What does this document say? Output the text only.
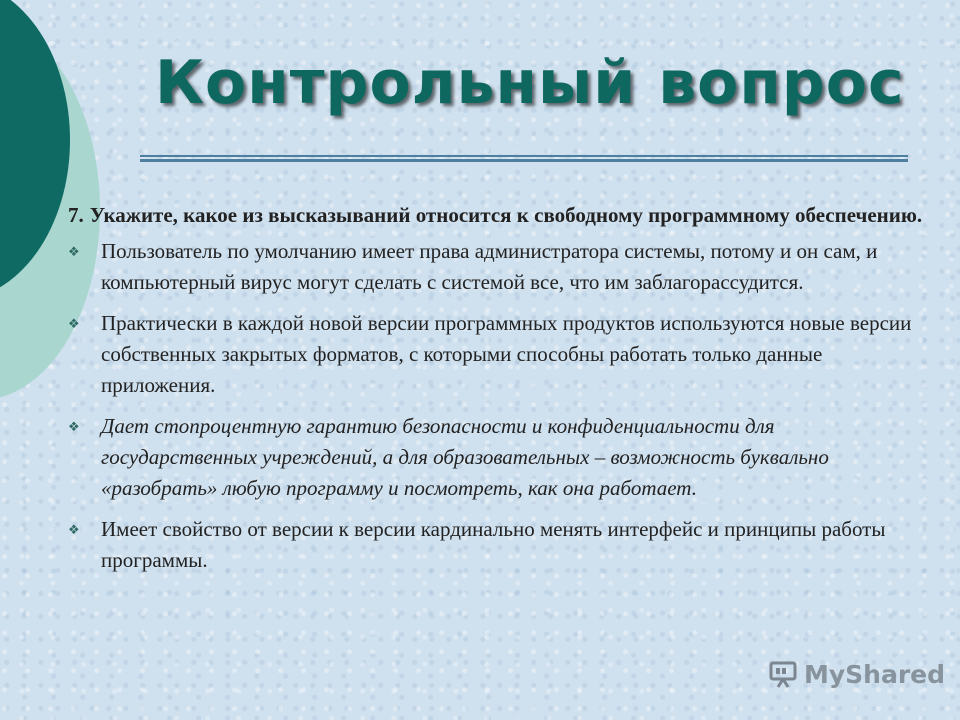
Контрольный вопрос

7. Укажите, какое из высказываний относится к свободному программному обеспечению.

❖ Пользователь по умолчанию имеет права администратора системы, потому и он сам, и компьютерный вирус могут сделать с системой все, что им заблагорассудится.
❖ Практически в каждой новой версии программных продуктов используются новые версии собственных закрытых форматов, с которыми способны работать только данные приложения.
❖ Дает стопроцентную гарантию безопасности и конфиденциальности для государственных учреждений, а для образовательных – возможность буквально «разобрать» любую программу и посмотреть, как она работает.
❖ Имеет свойство от версии к версии кардинально менять интерфейс и принципы работы программы.
MyShared
